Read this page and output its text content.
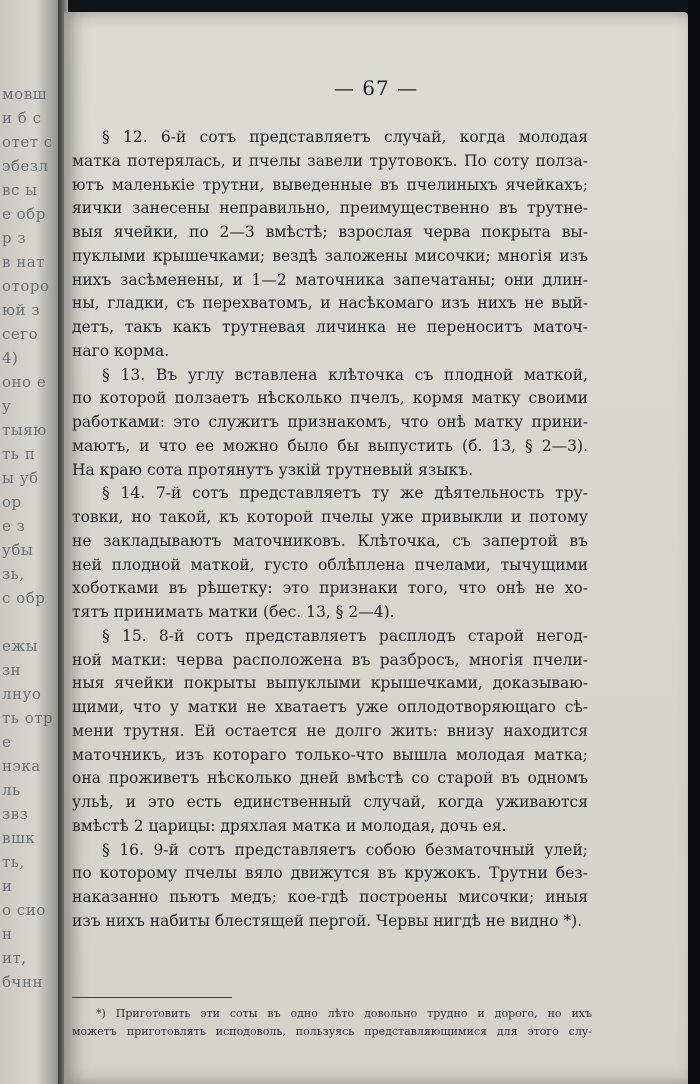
мовш
и б с
отет с
эбезл
вс ы
е обр
р з
в нат
оторо
юй з
сего
4)
оно е
у
тыяю
ть п
ы уб
ор
е з
убы
зь,
с обр
ежы
зн
лнуо
ть отр
е
нэка
ль
звз
вшк
ть,
и
о сио
н
ит,
бчнн
— 67 —
§ 12. 6-й сотъ представляетъ случай, когда молодая
матка потерялась, и пчелы завели трутовокъ. По соту полза-
ютъ маленькіе трутни, выведенные въ пчелиныхъ ячейкахъ;
яички занесены неправильно, преимущественно въ трутне-
выя ячейки, по 2—3 вмѣстѣ; взрослая черва покрыта вы-
пуклыми крышечками; вездѣ заложены мисочки; многія изъ
нихъ засѣменены, и 1—2 маточника запечатаны; они длин-
ны, гладки, съ перехватомъ, и насѣкомаго изъ нихъ не вый-
детъ, такъ какъ трутневая личинка не переноситъ маточ-
наго корма.
§ 13. Въ углу вставлена клѣточка съ плодной маткой,
по которой ползаетъ нѣсколько пчелъ, кормя матку своими
работками: это служитъ признакомъ, что онѣ матку прини-
маютъ, и что ее можно было бы выпустить (б. 13, § 2—3).
На краю сота протянутъ узкій трутневый языкъ.
§ 14. 7-й сотъ представляетъ ту же дѣятельность тру-
товки, но такой, къ которой пчелы уже привыкли и потому
не закладываютъ маточниковъ. Клѣточка, съ запертой въ
ней плодной маткой, густо облѣплена пчелами, тычущими
хоботками въ рѣшетку: это признаки того, что онѣ не хо-
тятъ принимать матки (бес. 13, § 2—4).
§ 15. 8-й сотъ представляетъ расплодъ старой негод-
ной матки: черва расположена въ разбросъ, многія пчели-
ныя ячейки покрыты выпуклыми крышечками, доказываю-
щими, что у матки не хватаетъ уже оплодотворяющаго сѣ-
мени трутня. Ей остается не долго жить: внизу находится
маточникъ, изъ котораго только-что вышла молодая матка;
она проживетъ нѣсколько дней вмѣстѣ со старой въ одномъ
ульѣ, и это есть единственный случай, когда уживаются
вмѣстѣ 2 царицы: дряхлая матка и молодая, дочь ея.
§ 16. 9-й сотъ представляетъ собою безматочный улей;
по которому пчелы вяло движутся въ кружокъ. Трутни без-
наказанно пьютъ медъ; кое-гдѣ построены мисочки; иныя
изъ нихъ набиты блестящей пергой. Червы нигдѣ не видно *).
*) Приготовить эти соты въ одно лѣто довольно трудно и дорого, но ихъ
можетъ приготовлять исподоволь, пользуясь представляющимися для этого слу-
